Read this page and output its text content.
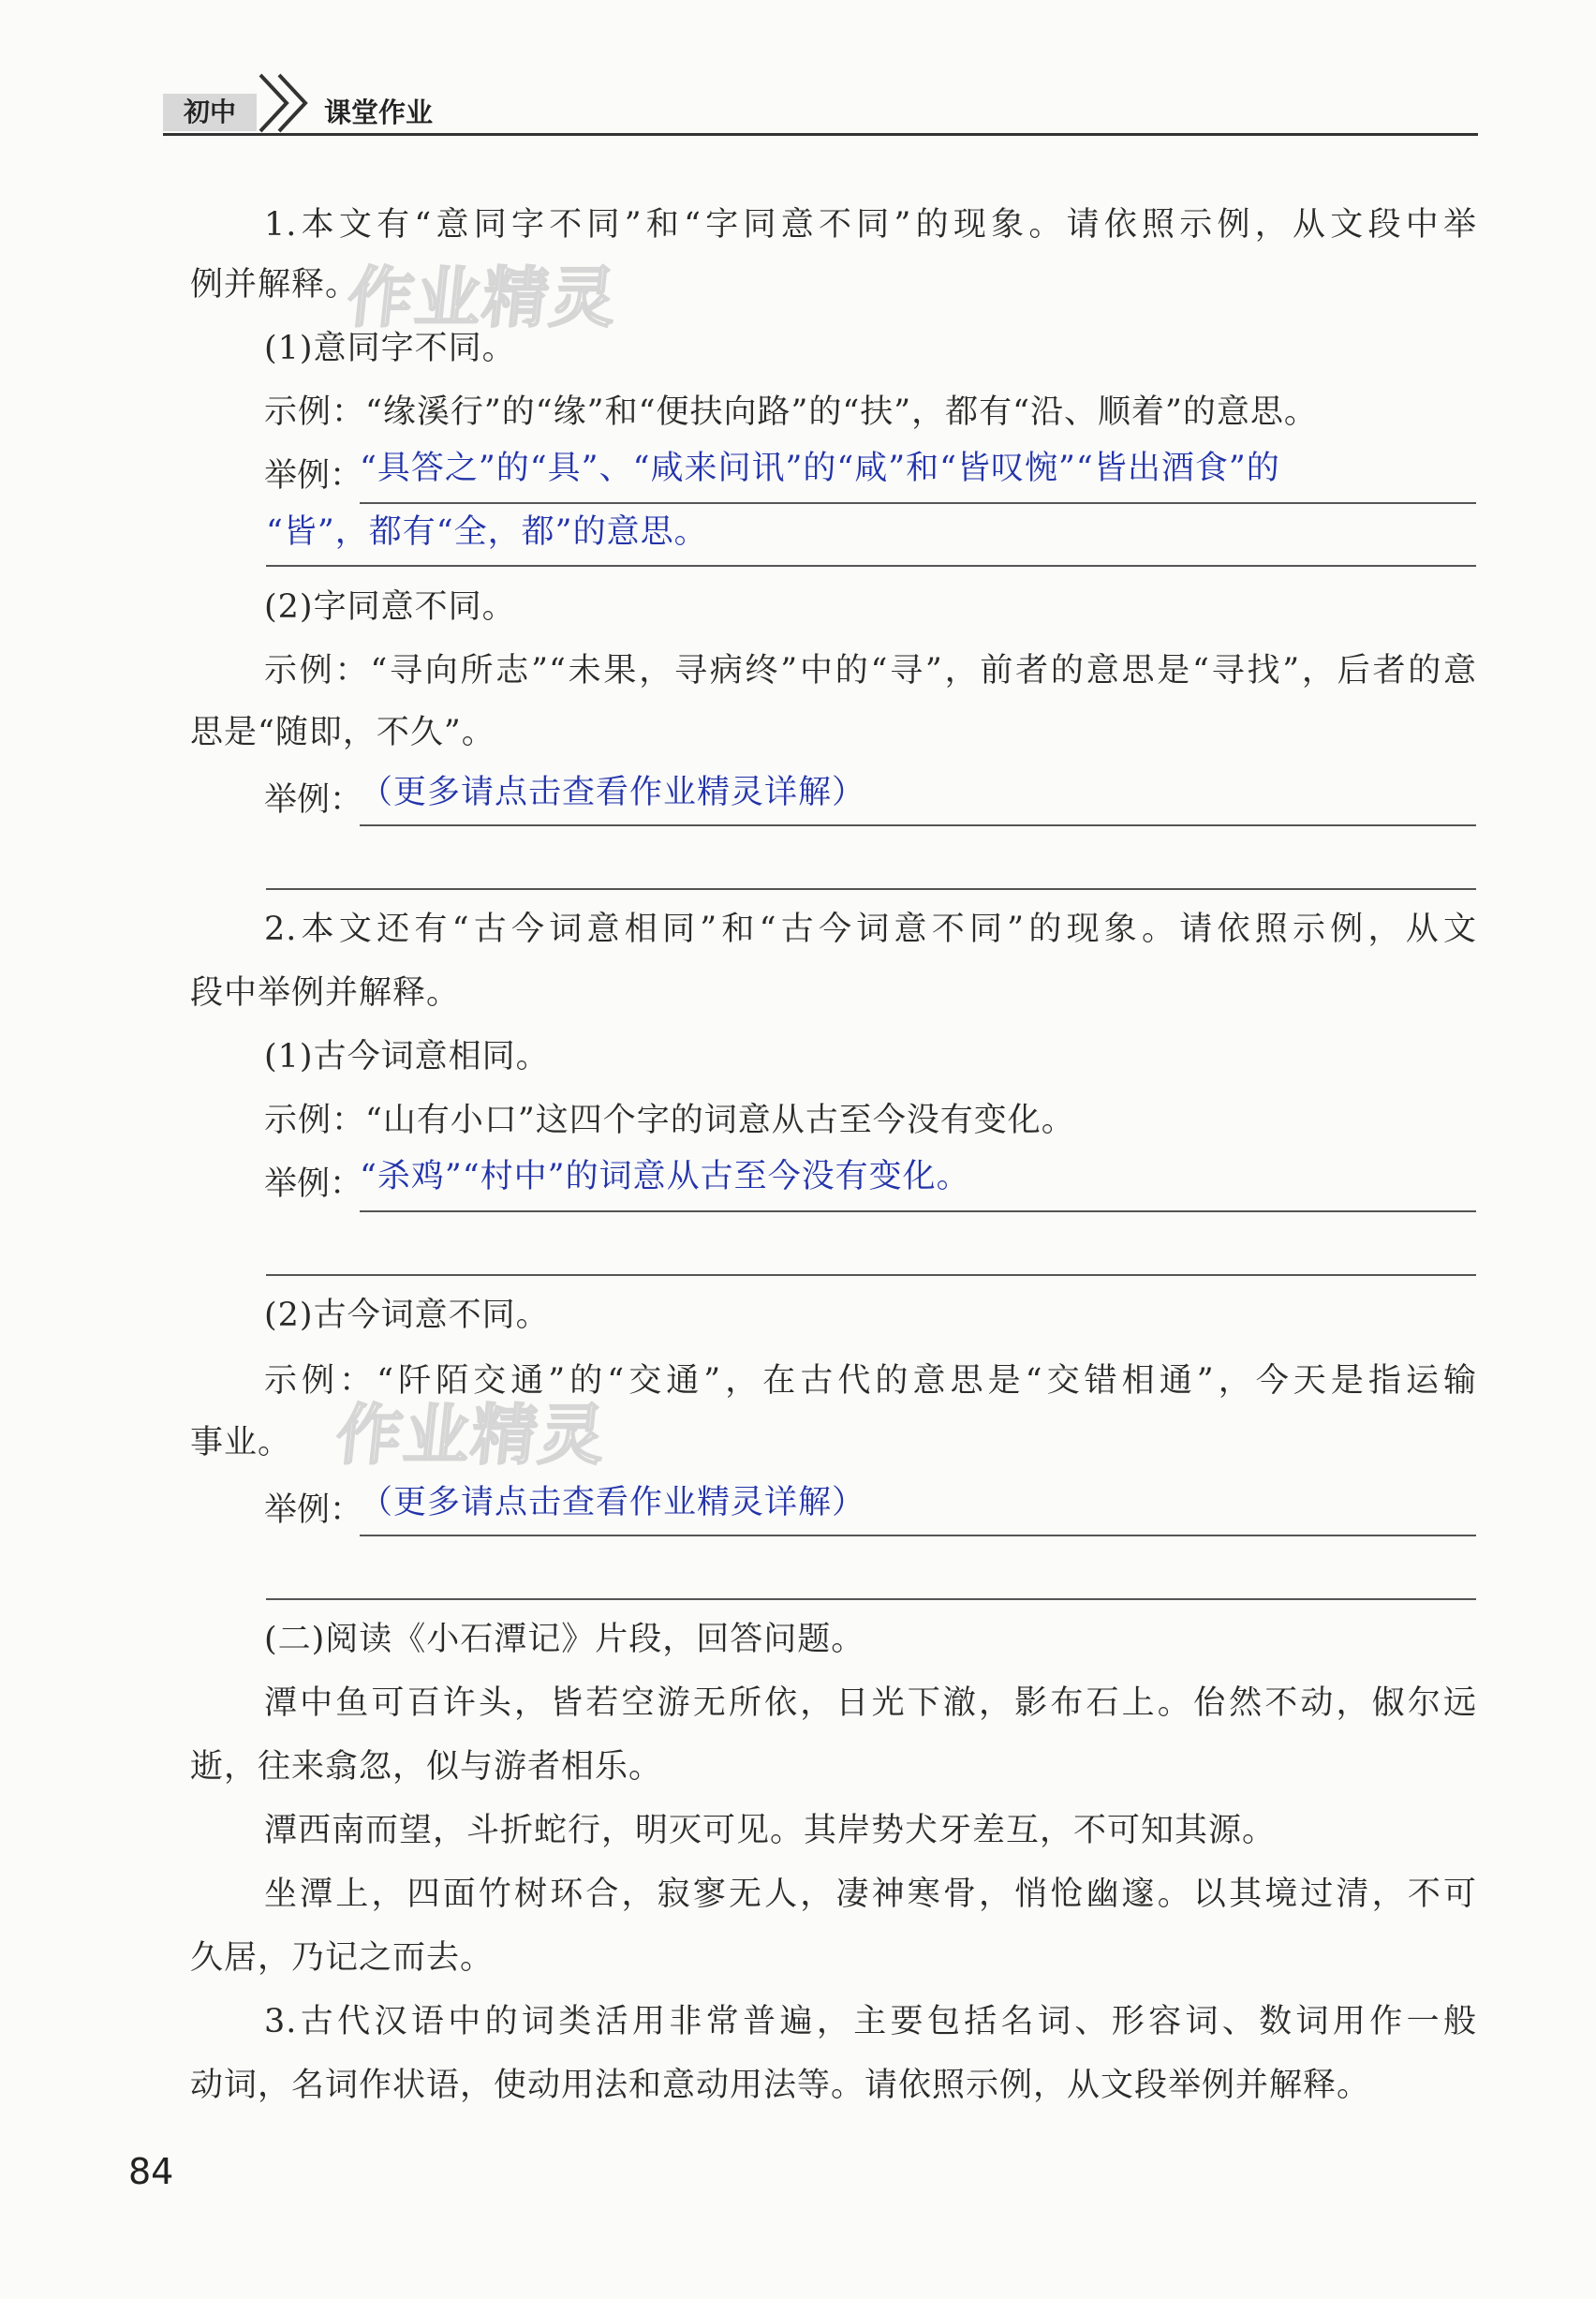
初中	课堂作业
作业精灵
作业精灵
1.本文有“意同字不同”和“字同意不同”的现象。请依照示例，从文段中举
例并解释。
(1)意同字不同。
示例：“缘溪行”的“缘”和“便扶向路”的“扶”，都有“沿、顺着”的意思。
举例：
“具答之”的“具”、“咸来问讯”的“咸”和“皆叹惋”“皆出酒食”的
“皆”，都有“全，都”的意思。
(2)字同意不同。
示例：“寻向所志”“未果，寻病终”中的“寻”，前者的意思是“寻找”，后者的意
思是“随即，不久”。
举例：
（更多请点击查看作业精灵详解）
2.本文还有“古今词意相同”和“古今词意不同”的现象。请依照示例，从文
段中举例并解释。
(1)古今词意相同。
示例：“山有小口”这四个字的词意从古至今没有变化。
举例：
“杀鸡”“村中”的词意从古至今没有变化。
(2)古今词意不同。
示例：“阡陌交通”的“交通”，在古代的意思是“交错相通”，今天是指运输
事业。
举例：
（更多请点击查看作业精灵详解）
(二)阅读《小石潭记》片段，回答问题。
潭中鱼可百许头，皆若空游无所依，日光下澈，影布石上。佁然不动，俶尔远
逝，往来翕忽，似与游者相乐。
潭西南而望，斗折蛇行，明灭可见。其岸势犬牙差互，不可知其源。
坐潭上，四面竹树环合，寂寥无人，凄神寒骨，悄怆幽邃。以其境过清，不可
久居，乃记之而去。
3.古代汉语中的词类活用非常普遍，主要包括名词、形容词、数词用作一般
动词，名词作状语，使动用法和意动用法等。请依照示例，从文段举例并解释。
84
